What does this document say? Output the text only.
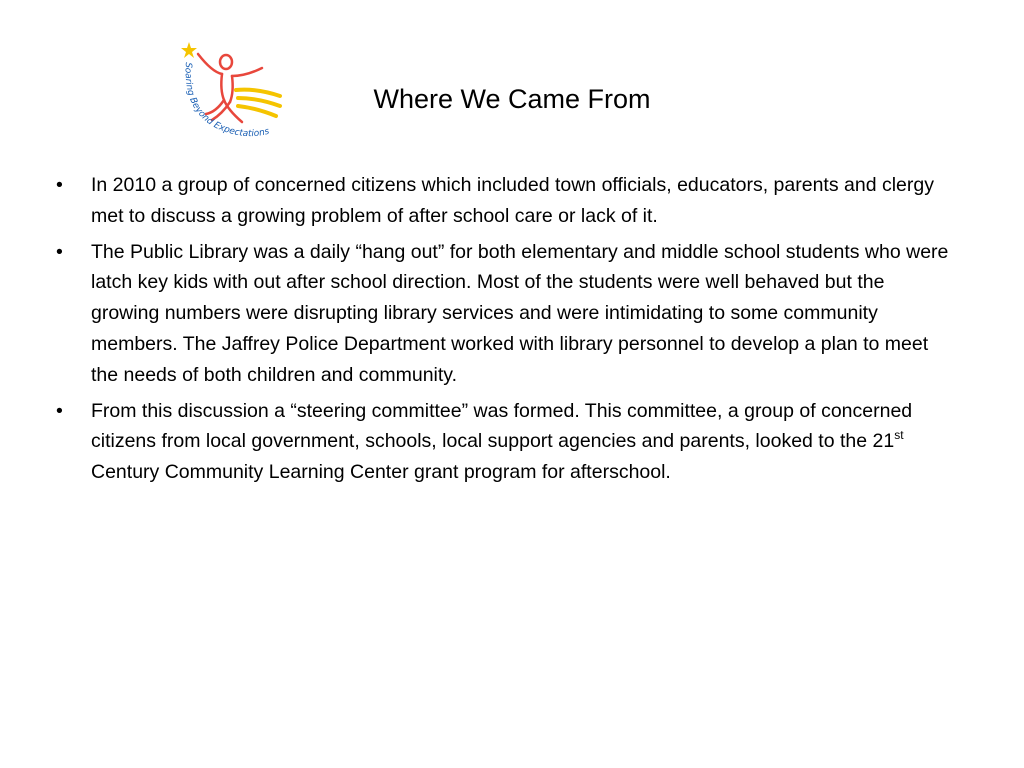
Soaring Beyond Expectations
Where We Came From
• In 2010 a group of concerned citizens which included town officials, educators, parents and clergy met to discuss a growing problem of after school care or lack of it.
• The Public Library was a daily “hang out” for both elementary and middle school students who were latch key kids with out after school direction. Most of the students were well behaved but the growing numbers were disrupting library services and were intimidating to some community members. The Jaffrey Police Department worked with library personnel to develop a plan to meet the needs of both children and community.
• From this discussion a “steering committee” was formed. This committee, a group of concerned citizens from local government, schools, local support agencies and parents, looked to the 21st Century Community Learning Center grant program for afterschool.
